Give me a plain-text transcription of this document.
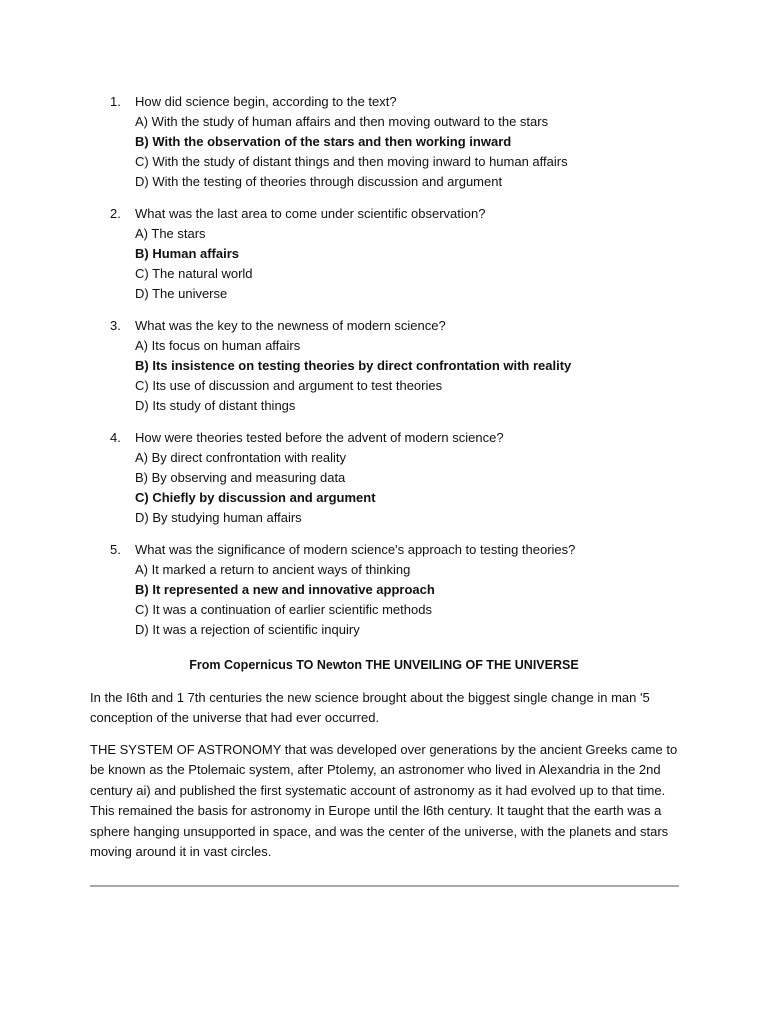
1.	How did science begin, according to the text?
A) With the study of human affairs and then moving outward to the stars
B) With the observation of the stars and then working inward
C) With the study of distant things and then moving inward to human affairs
D) With the testing of theories through discussion and argument
2.	What was the last area to come under scientific observation?
A) The stars
B) Human affairs
C) The natural world
D) The universe
3.	What was the key to the newness of modern science?
A) Its focus on human affairs
B) Its insistence on testing theories by direct confrontation with reality
C) Its use of discussion and argument to test theories
D) Its study of distant things
4.	How were theories tested before the advent of modern science?
A) By direct confrontation with reality
B) By observing and measuring data
C) Chiefly by discussion and argument
D) By studying human affairs
5.	What was the significance of modern science's approach to testing theories?
A) It marked a return to ancient ways of thinking
B) It represented a new and innovative approach
C) It was a continuation of earlier scientific methods
D) It was a rejection of scientific inquiry
From Copernicus TO Newton THE UNVEILING OF THE UNIVERSE

In the I6th and 1 7th centuries the new science brought about the biggest single change in man '5 conception of the universe that had ever occurred.

THE SYSTEM OF ASTRONOMY that was developed over generations by the ancient Greeks came to be known as the Ptolemaic system, after Ptolemy, an astronomer who lived in Alexandria in the 2nd century ai) and published the first systematic account of astronomy as it had evolved up to that time. This remained the basis for astronomy in Europe until the l6th century. It taught that the earth was a sphere hanging unsupported in space, and was the center of the universe, with the planets and stars moving around it in vast circles.
